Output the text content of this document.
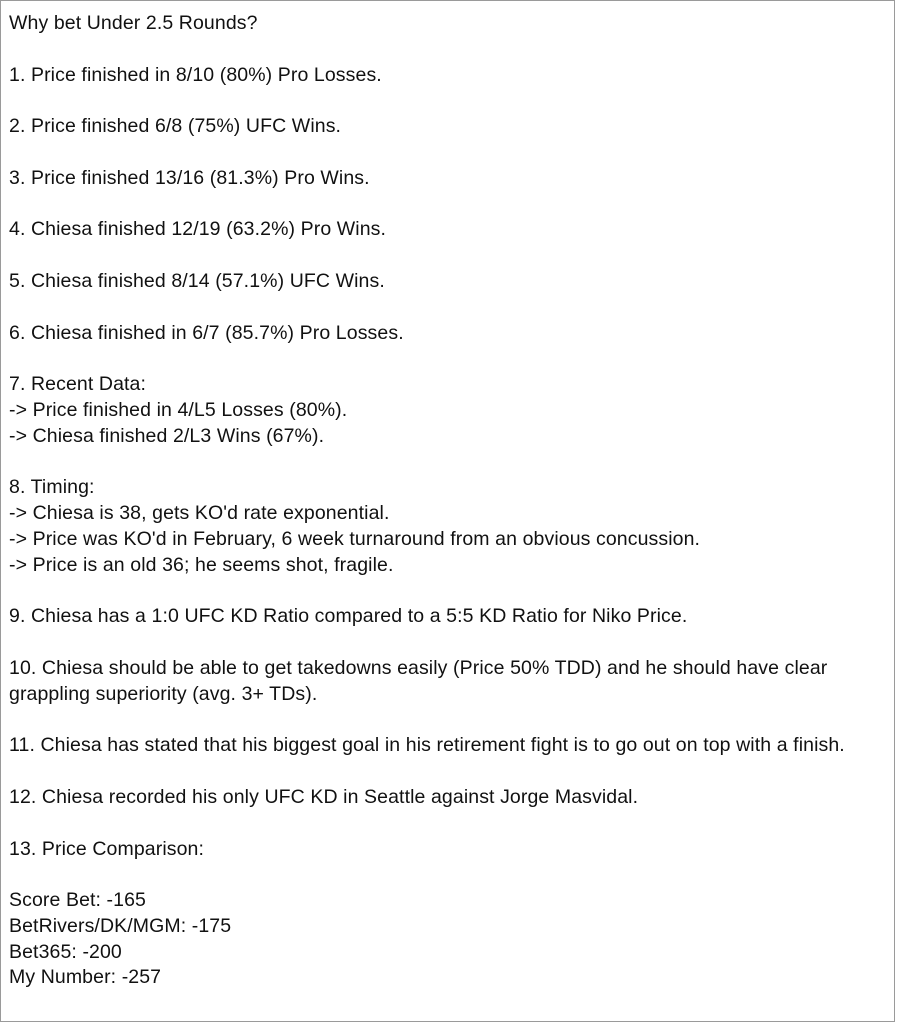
Why bet Under 2.5 Rounds?
1. Price finished in 8/10 (80%) Pro Losses.
2. Price finished 6/8 (75%) UFC Wins.
3. Price finished 13/16 (81.3%) Pro Wins.
4. Chiesa finished 12/19 (63.2%) Pro Wins.
5. Chiesa finished 8/14 (57.1%) UFC Wins.
6. Chiesa finished in 6/7 (85.7%) Pro Losses.
7. Recent Data:
-> Price finished in 4/L5 Losses (80%).
-> Chiesa finished 2/L3 Wins (67%).
8. Timing:
-> Chiesa is 38, gets KO'd rate exponential.
-> Price was KO'd in February, 6 week turnaround from an obvious concussion.
-> Price is an old 36; he seems shot, fragile.
9. Chiesa has a 1:0 UFC KD Ratio compared to a 5:5 KD Ratio for Niko Price.
10. Chiesa should be able to get takedowns easily (Price 50% TDD) and he should have clear grappling superiority (avg. 3+ TDs).
11. Chiesa has stated that his biggest goal in his retirement fight is to go out on top with a finish.
12. Chiesa recorded his only UFC KD in Seattle against Jorge Masvidal.
13. Price Comparison:
Score Bet: -165
BetRivers/DK/MGM: -175
Bet365: -200
My Number: -257
